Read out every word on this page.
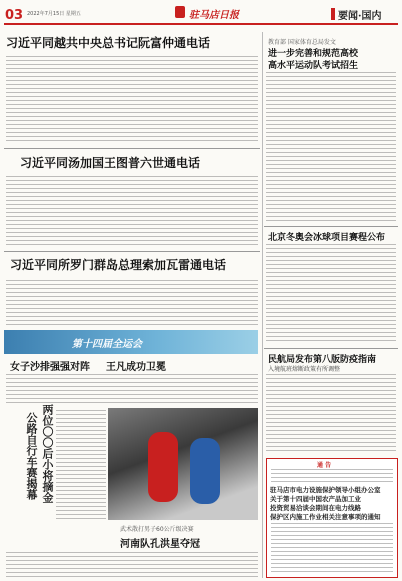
03 2022年7月15日 星期五	驻马店日报	要闻·国内
习近平同越共中央总书记阮富仲通电话
习近平同汤加国王图普六世通电话
习近平同所罗门群岛总理索加瓦雷通电话
第十四届全运会
女子沙排强强对阵 王凡成功卫冕
两位〇〇后小将摘金
公路自行车赛揭幕
武术散打男子60公斤级决赛
河南队孔洪星夺冠
教育部 国家体育总局发文
进一步完善和规范高校
高水平运动队考试招生
北京冬奥会冰球项目赛程公布
民航局发布第八版防疫指南
入境航班熔断政策有所调整
通 告
驻马店市电力设施保护领导小组办公室
关于第十四届中国农产品加工业
投资贸易洽谈会期间在电力线路
保护区内施工作业相关注意事项的通知
